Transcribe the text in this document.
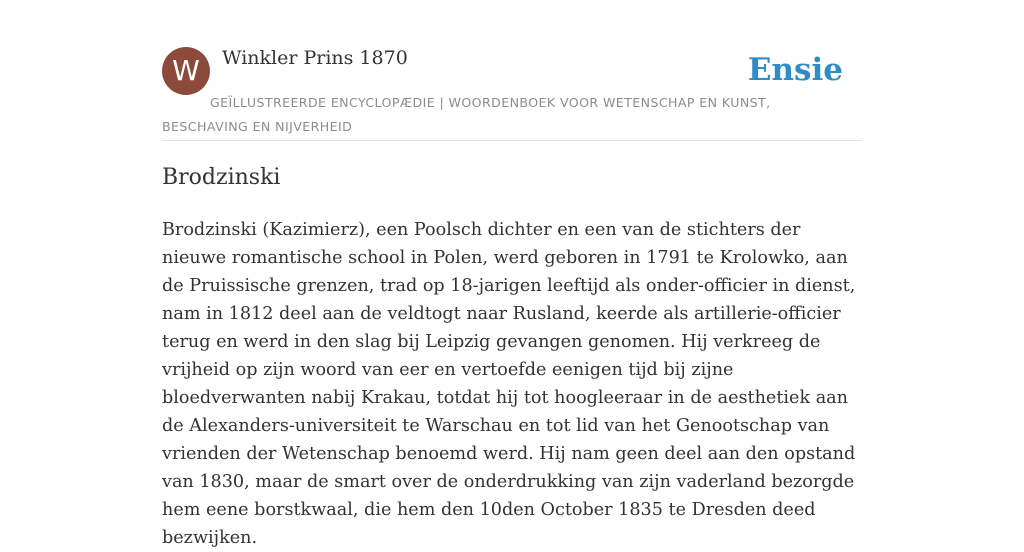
W	Winkler Prins 1870	Ensie
GEÏLLUSTREERDE ENCYCLOPÆDIE | WOORDENBOEK VOOR WETENSCHAP EN KUNST, BESCHAVING EN NIJVERHEID
Brodzinski

Brodzinski (Kazimierz), een Poolsch dichter en een van de stichters der nieuwe romantische school in Polen, werd geboren in 1791 te Krolowko, aan de Pruissische grenzen, trad op 18-jarigen leeftijd als onder-officier in dienst, nam in 1812 deel aan de veldtogt naar Rusland, keerde als artillerie-officier terug en werd in den slag bij Leipzig gevangen genomen. Hij verkreeg de vrijheid op zijn woord van eer en vertoefde eenigen tijd bij zijne bloedverwanten nabij Krakau, totdat hij tot hoogleeraar in de aesthetiek aan de Alexanders-universiteit te Warschau en tot lid van het Genootschap van vrienden der Wetenschap benoemd werd. Hij nam geen deel aan den opstand van 1830, maar de smart over de onderdrukking van zijn vaderland bezorgde hem eene borstkwaal, die hem den 10den October 1835 te Dresden deed bezwijken.
